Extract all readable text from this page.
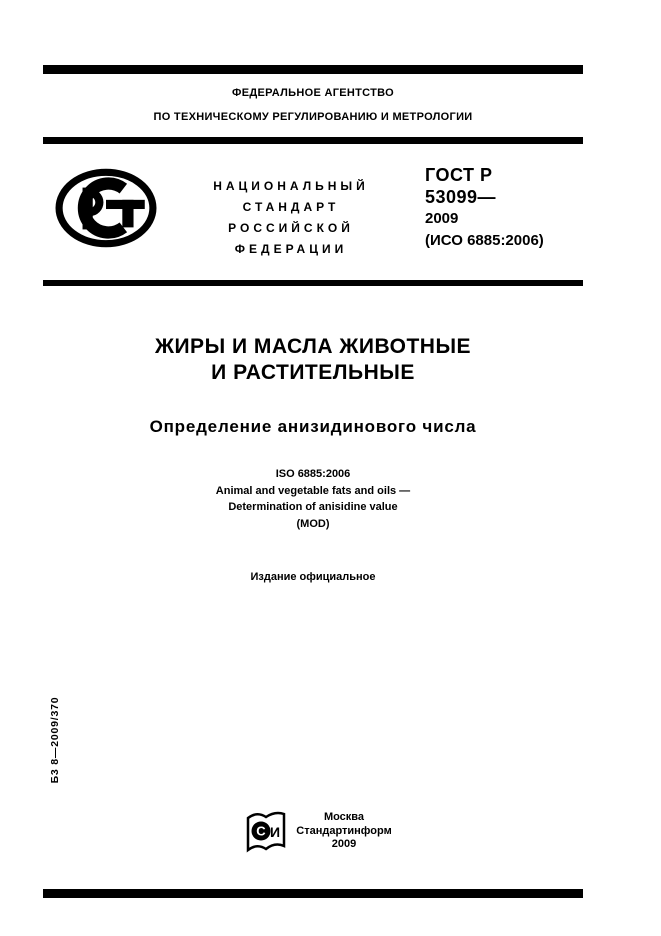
ФЕДЕРАЛЬНОЕ АГЕНТСТВО
ПО ТЕХНИЧЕСКОМУ РЕГУЛИРОВАНИЮ И МЕТРОЛОГИИ
НАЦИОНАЛЬНЫЙ
СТАНДАРТ
РОССИЙСКОЙ
ФЕДЕРАЦИИ
ГОСТ Р
53099—
2009
(ИСО 6885:2006)
ЖИРЫ И МАСЛА ЖИВОТНЫЕ
И РАСТИТЕЛЬНЫЕ
Определение анизидинового числа
ISO 6885:2006
Animal and vegetable fats and oils —
Determination of anisidine value
(MOD)
Издание официальное
Б3 8—2009/370
С И
Москва
Стандартинформ
2009
